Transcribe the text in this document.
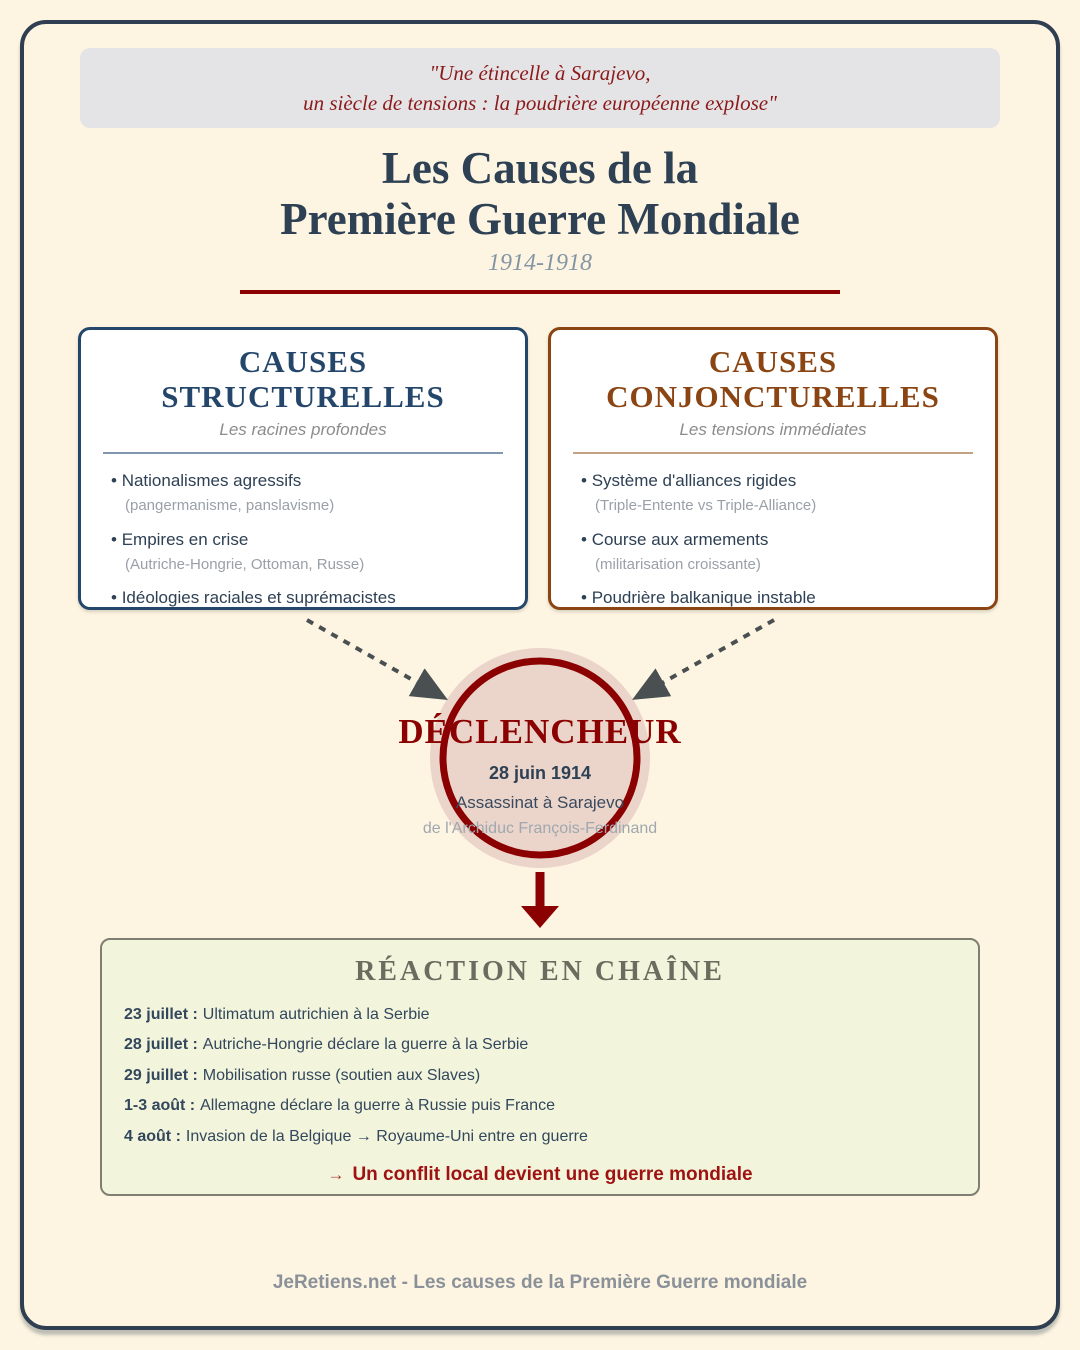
"Une étincelle à Sarajevo,

un siècle de tensions : la poudrière européenne explose"

Les Causes de la
Première Guerre Mondiale
1914-1918
CAUSES
STRUCTURELLES
Les racines profondes
• Nationalismes agressifs
(pangermanisme, panslavisme)
• Empires en crise
(Autriche-Hongrie, Ottoman, Russe)
• Idéologies raciales et suprémacistes
CAUSES
CONJONCTURELLES
Les tensions immédiates
• Système d'alliances rigides
(Triple-Entente vs Triple-Alliance)
• Course aux armements
(militarisation croissante)
• Poudrière balkanique instable
DÉCLENCHEUR
28 juin 1914
Assassinat à Sarajevo
de l'Archiduc François-Ferdinand
RÉACTION EN CHAÎNE
23 juillet : Ultimatum autrichien à la Serbie
28 juillet : Autriche-Hongrie déclare la guerre à la Serbie
29 juillet : Mobilisation russe (soutien aux Slaves)
1-3 août : Allemagne déclare la guerre à Russie puis France
4 août : Invasion de la Belgique → Royaume-Uni entre en guerre
→ Un conflit local devient une guerre mondiale
JeRetiens.net - Les causes de la Première Guerre mondiale
